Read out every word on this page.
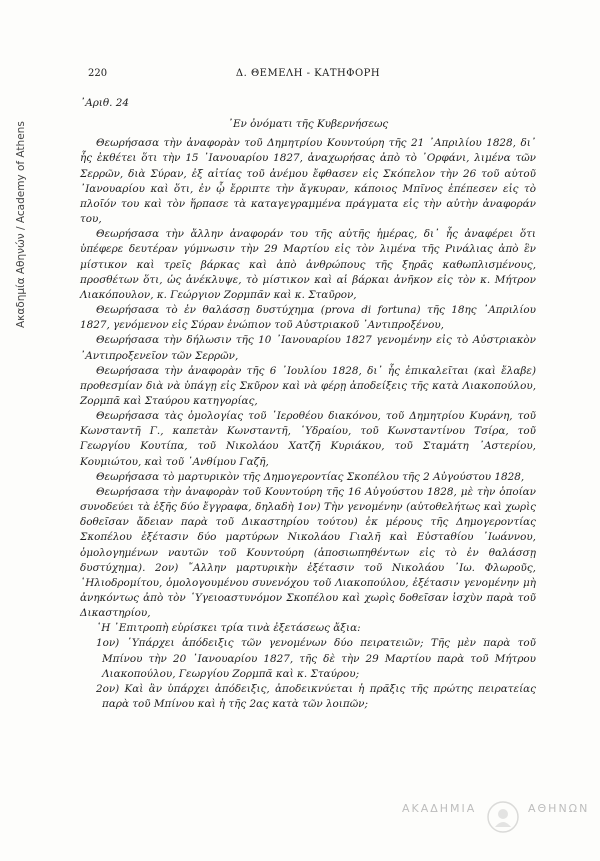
Ακαδημία Αθηνών / Academy of Athens
220	Δ. ΘΕΜΕΛΗ - ΚΑΤΗΦΟΡΗ

᾿Αριθ. 24

᾿Εν ὀνόματι τῆς Κυβερνήσεως

Θεωρήσασα τὴν ἀναφορὰν τοῦ Δημητρίου Κουντούρη τῆς 21 ᾿Απριλίου 1828, δι᾿ ἧς ἐκθέτει ὅτι τὴν 15 ᾿Ιανουαρίου 1827, ἀναχωρήσας ἀπὸ τὸ ᾿Ορφάνι, λιμένα τῶν Σερρῶν, διὰ Σύραν, ἐξ αἰτίας τοῦ ἀνέμου ἔφθασεν εἰς Σκόπελον τὴν 26 τοῦ αὐτοῦ ᾿Ιανουαρίου καὶ ὅτι, ἐν ᾧ ἔρριπτε τὴν ἄγκυραν, κάποιος Μπῖνος ἐπέπεσεν εἰς τὸ πλοῖόν του καὶ τὸν ἥρπασε τὰ καταγεγραμμένα πράγματα εἰς τὴν αὐτὴν ἀναφοράν του,

Θεωρήσασα τὴν ἄλλην ἀναφοράν του τῆς αὐτῆς ἡμέρας, δι᾿ ἧς ἀναφέρει ὅτι ὑπέφερε δευτέραν γύμνωσιν τὴν 29 Μαρτίου εἰς τὸν λιμένα τῆς Ρινάλιας ἀπὸ ἓν μίστικον καὶ τρεῖς βάρκας καὶ ἀπὸ ἀνθρώπους τῆς ξηρᾶς καθωπλισμένους, προσθέτων ὅτι, ὡς ἀνέκλυψε, τὸ μίστικον καὶ αἱ βάρκαι ἀνῆκον εἰς τὸν κ. Μήτρον Λιακόπουλον, κ. Γεώργιον Ζορμπᾶν καὶ κ. Σταῦρον,

Θεωρήσασα τὸ ἐν θαλάσσῃ δυστύχημα (prova di fortuna) τῆς 18ης ᾿Απριλίου 1827, γενόμενον εἰς Σύραν ἐνώπιον τοῦ Αὐστριακοῦ ᾿Αντιπροξένου,

Θεωρήσασα τὴν δήλωσιν τῆς 10 ᾿Ιανουαρίου 1827 γενομένην εἰς τὸ Αὐστριακὸν ᾿Αντιπροξενεῖον τῶν Σερρῶν,

Θεωρήσασα τὴν ἀναφορὰν τῆς 6 ᾿Ιουλίου 1828, δι᾿ ἧς ἐπικαλεῖται (καὶ ἔλαβε) προθεσμίαν διὰ νὰ ὑπάγῃ εἰς Σκῦρον καὶ νὰ φέρῃ ἀποδείξεις τῆς κατὰ Λιακοπούλου, Ζορμπᾶ καὶ Σταύρου κατηγορίας,

Θεωρήσασα τὰς ὁμολογίας τοῦ ῾Ιεροθέου διακόνου, τοῦ Δημητρίου Κυράνη, τοῦ Κωνσταντῆ Γ., καπετὰν Κωνσταντῆ, ῾Υδραίου, τοῦ Κωνσταντίνου Τσίρα, τοῦ Γεωργίου Κουτίπα, τοῦ Νικολάου Χατζῆ Κυριάκου, τοῦ Σταμάτη ᾿Αστερίου, Κουμιώτου, καὶ τοῦ ᾿Ανθίμου Γαζῆ,

Θεωρήσασα τὸ μαρτυρικὸν τῆς Δημογεροντίας Σκοπέλου τῆς 2 Αὐγούστου 1828,

Θεωρήσασα τὴν ἀναφορὰν τοῦ Κουντούρη τῆς 16 Αὐγούστου 1828, μὲ τὴν ὁποίαν συνοδεύει τὰ ἑξῆς δύο ἔγγραφα, δηλαδὴ 1ον) Τὴν γενομένην (αὐτοθελήτως καὶ χωρὶς δοθεῖσαν ἄδειαν παρὰ τοῦ Δικαστηρίου τούτου) ἐκ μέρους τῆς Δημογεροντίας Σκοπέλου ἐξέτασιν δύο μαρτύρων Νικολάου Γιαλῆ καὶ Εὐσταθίου ᾿Ιωάννου, ὁμολογημένων ναυτῶν τοῦ Κουντούρη (ἀποσιωπηθέντων εἰς τὸ ἐν θαλάσσῃ δυστύχημα). 2ον) ῎Αλλην μαρτυρικὴν ἐξέτασιν τοῦ Νικολάου ᾿Ιω. Φλωροῦς, ῾Ηλιοδρομίτου, ὁμολογουμένου συνενόχου τοῦ Λιακοπούλου, ἐξέτασιν γενομένην μὴ ἀνηκόντως ἀπὸ τὸν ῾Υγειοαστυνόμον Σκοπέλου καὶ χωρὶς δοθεῖσαν ἰσχὺν παρὰ τοῦ Δικαστηρίου,

῾Η ᾿Επιτροπὴ εὑρίσκει τρία τινὰ ἐξετάσεως ἄξια:

1ον) ῾Υπάρχει ἀπόδειξις τῶν γενομένων δύο πειρατειῶν; Τῆς μὲν παρὰ τοῦ Μπίνου τὴν 20 ᾿Ιανουαρίου 1827, τῆς δὲ τὴν 29 Μαρτίου παρὰ τοῦ Μήτρου Λιακοπούλου, Γεωργίου Ζορμπᾶ καὶ κ. Σταύρου;

2ον) Καὶ ἂν ὑπάρχει ἀπόδειξις, ἀποδεικνύεται ἡ πρᾶξις τῆς πρώτης πειρατείας παρὰ τοῦ Μπίνου καὶ ἡ τῆς 2ας κατὰ τῶν λοιπῶν;

ΑΚΑΔΗΜΙΑ	ΑΘΗΝΩΝ
